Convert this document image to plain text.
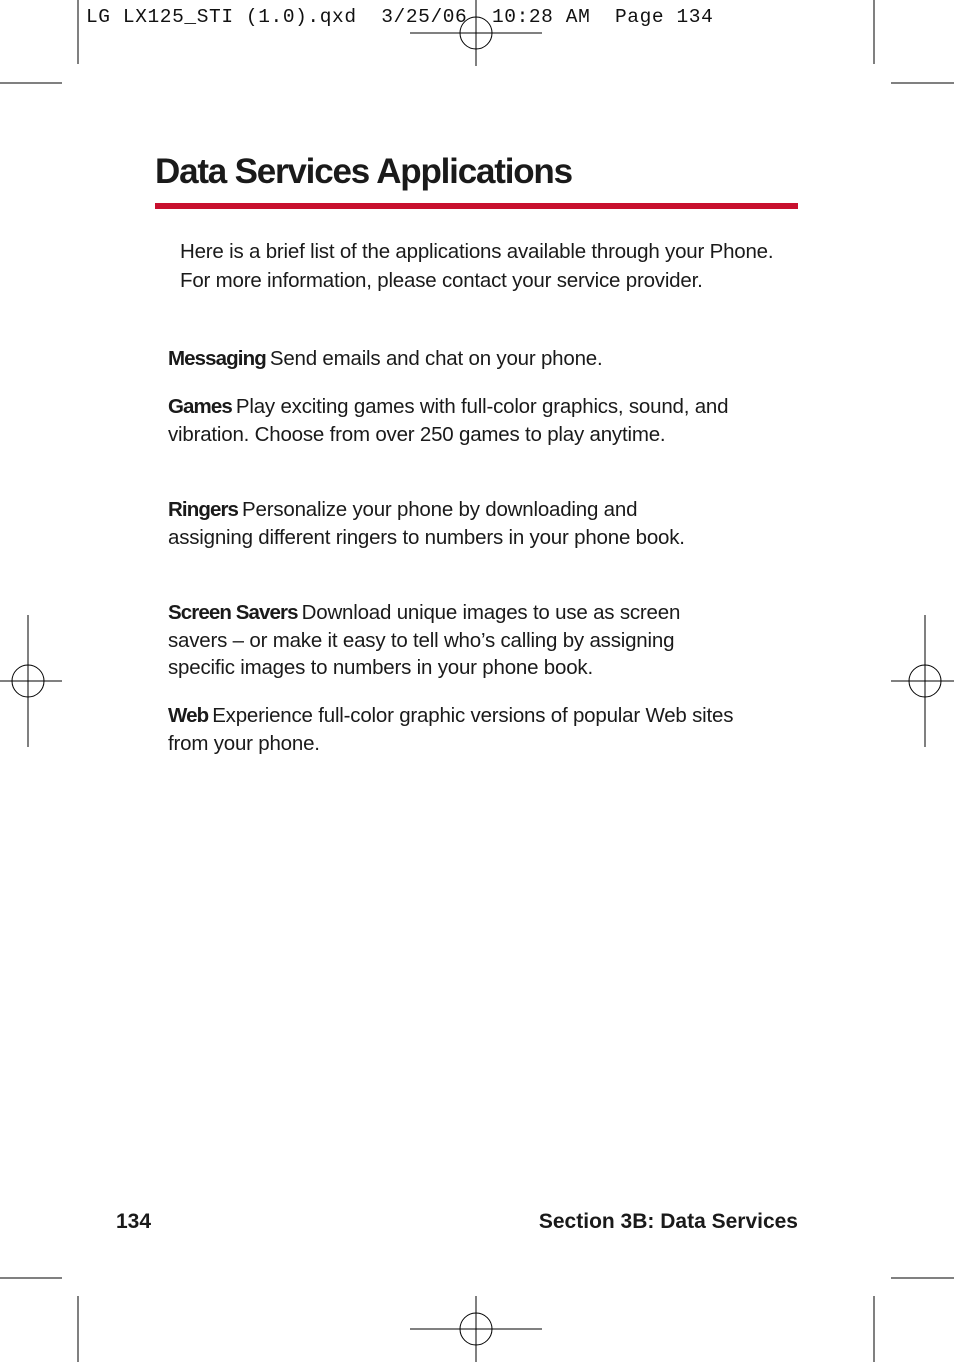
LG LX125_STI (1.0).qxd  3/25/06  10:28 AM  Page 134
Data Services Applications

Here is a brief list of the applications available through your Phone. For more information, please contact your service provider.

Messaging Send emails and chat on your phone.

Games Play exciting games with full-color graphics, sound, and vibration. Choose from over 250 games to play anytime.

Ringers Personalize your phone by downloading and assigning different ringers to numbers in your phone book.

Screen Savers Download unique images to use as screen savers – or make it easy to tell who’s calling by assigning specific images to numbers in your phone book.

Web Experience full-color graphic versions of popular Web sites from your phone.

134	Section 3B: Data Services
